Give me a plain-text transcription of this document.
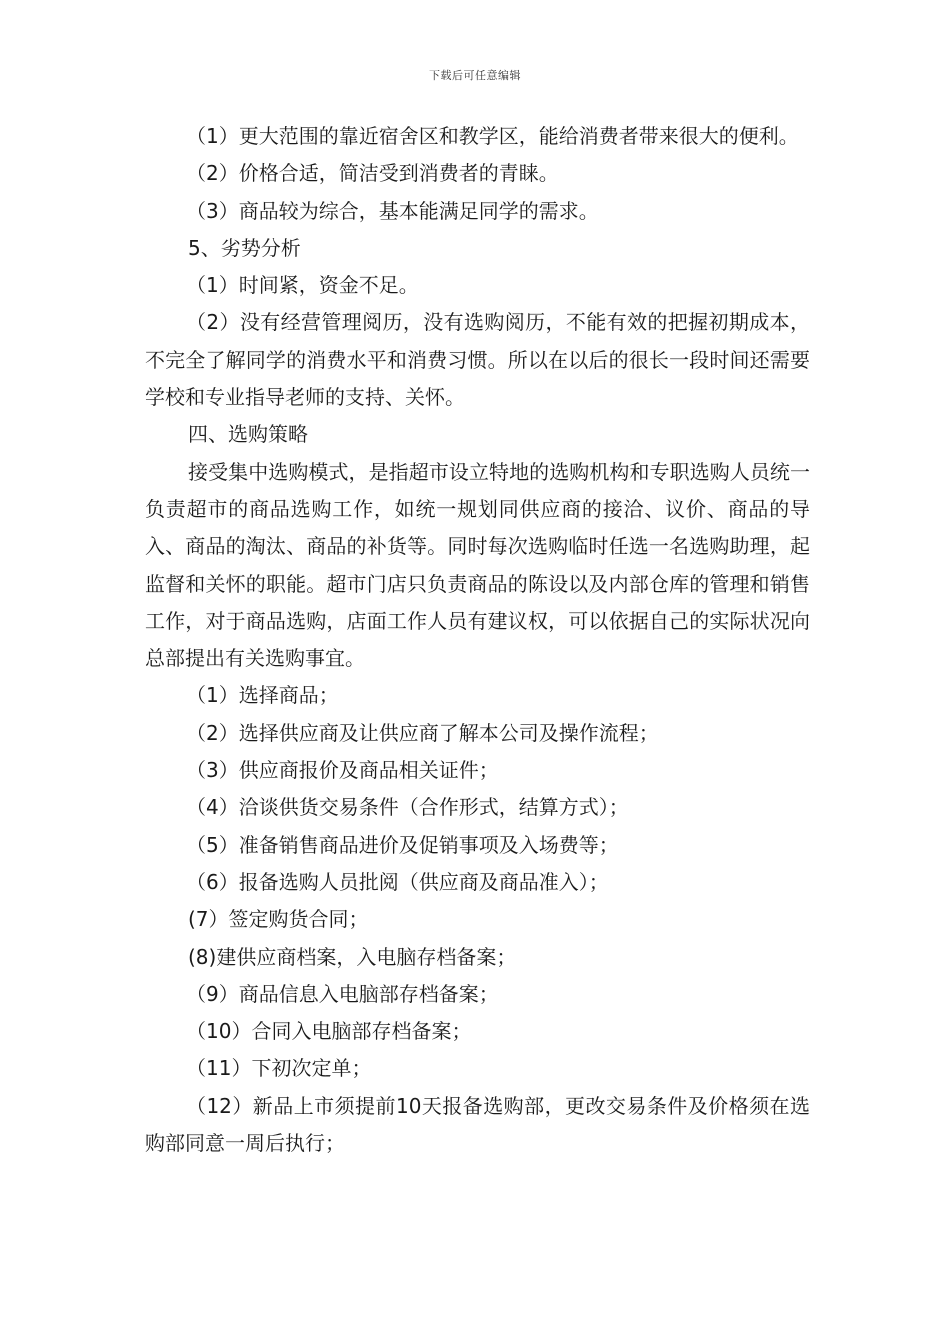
下载后可任意编辑

（1）更大范围的靠近宿舍区和教学区，能给消费者带来很大的便利。

（2）价格合适，简洁受到消费者的青睐。

（3）商品较为综合，基本能满足同学的需求。

5、劣势分析

（1）时间紧，资金不足。

（2）没有经营管理阅历，没有选购阅历，不能有效的把握初期成本，不完全了解同学的消费水平和消费习惯。所以在以后的很长一段时间还需要学校和专业指导老师的支持、关怀。

四、选购策略

接受集中选购模式，是指超市设立特地的选购机构和专职选购人员统一负责超市的商品选购工作，如统一规划同供应商的接洽、议价、商品的导入、商品的淘汰、商品的补货等。同时每次选购临时任选一名选购助理，起监督和关怀的职能。超市门店只负责商品的陈设以及内部仓库的管理和销售工作，对于商品选购，店面工作人员有建议权，可以依据自己的实际状况向总部提出有关选购事宜。

（1）选择商品；

（2）选择供应商及让供应商了解本公司及操作流程；

（3）供应商报价及商品相关证件；

（4）洽谈供货交易条件（合作形式，结算方式）；

（5）准备销售商品进价及促销事项及入场费等；

（6）报备选购人员批阅（供应商及商品准入）；

(7）签定购货合同；

(8)建供应商档案，入电脑存档备案；

（9）商品信息入电脑部存档备案；

（10）合同入电脑部存档备案；

（11）下初次定单；

（12）新品上市须提前10天报备选购部，更改交易条件及价格须在选购部同意一周后执行；
